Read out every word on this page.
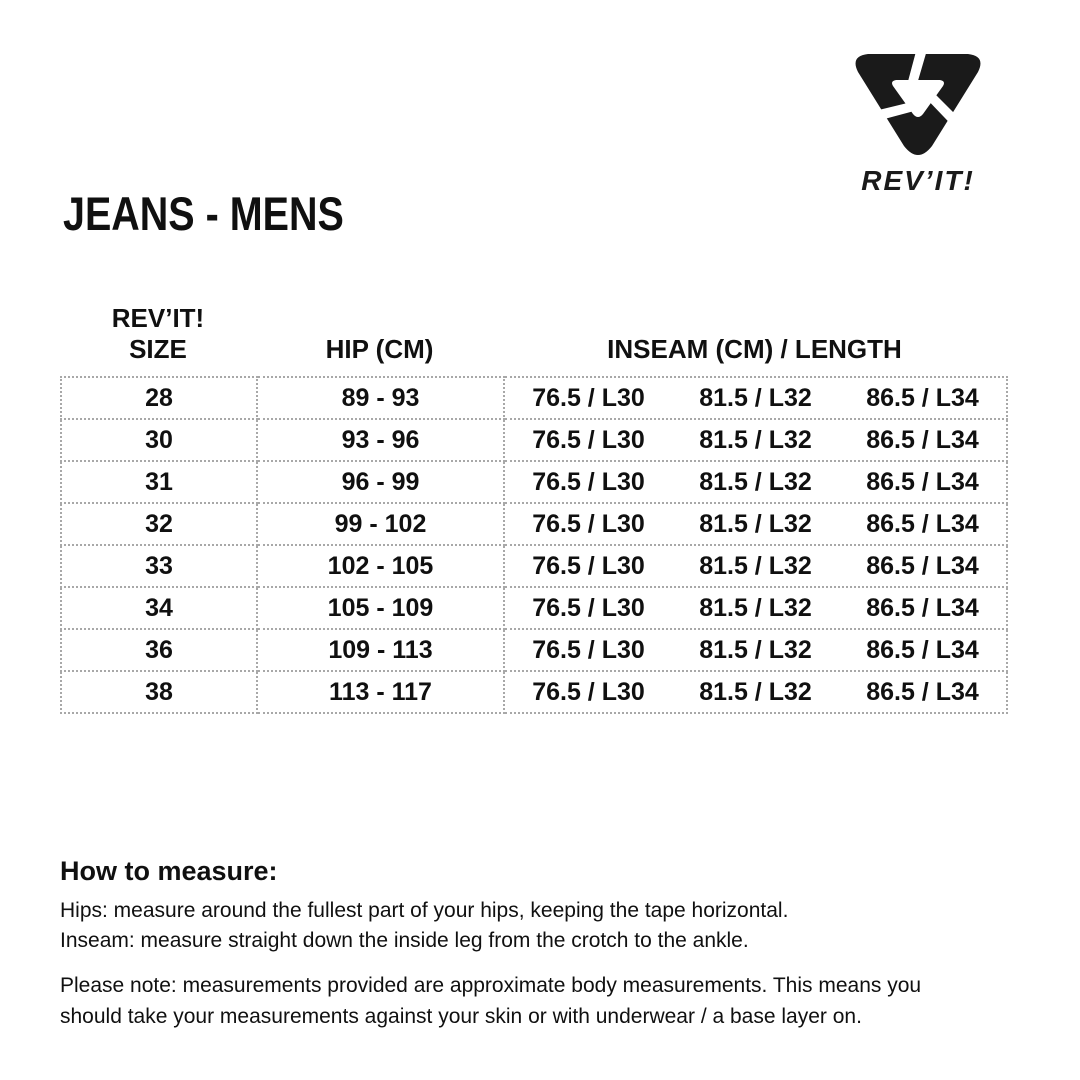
REV’IT!
JEANS - MENS
REV’IT!
SIZE	HIP (CM)	INSEAM (CM) / LENGTH
28	89 - 93	76.5 / L30 81.5 / L32 86.5 / L34

30	93 - 96	76.5 / L30 81.5 / L32 86.5 / L34

31	96 - 99	76.5 / L30 81.5 / L32 86.5 / L34

32	99 - 102	76.5 / L30 81.5 / L32 86.5 / L34

33	102 - 105	76.5 / L30 81.5 / L32 86.5 / L34

34	105 - 109	76.5 / L30 81.5 / L32 86.5 / L34

36	109 - 113	76.5 / L30 81.5 / L32 86.5 / L34

38	113 - 117	76.5 / L30 81.5 / L32 86.5 / L34
How to measure:
Hips: measure around the fullest part of your hips, keeping the tape horizontal.
Inseam: measure straight down the inside leg from the crotch to the ankle.
Please note: measurements provided are approximate body measurements. This means you should take your measurements against your skin or with underwear / a base layer on.
